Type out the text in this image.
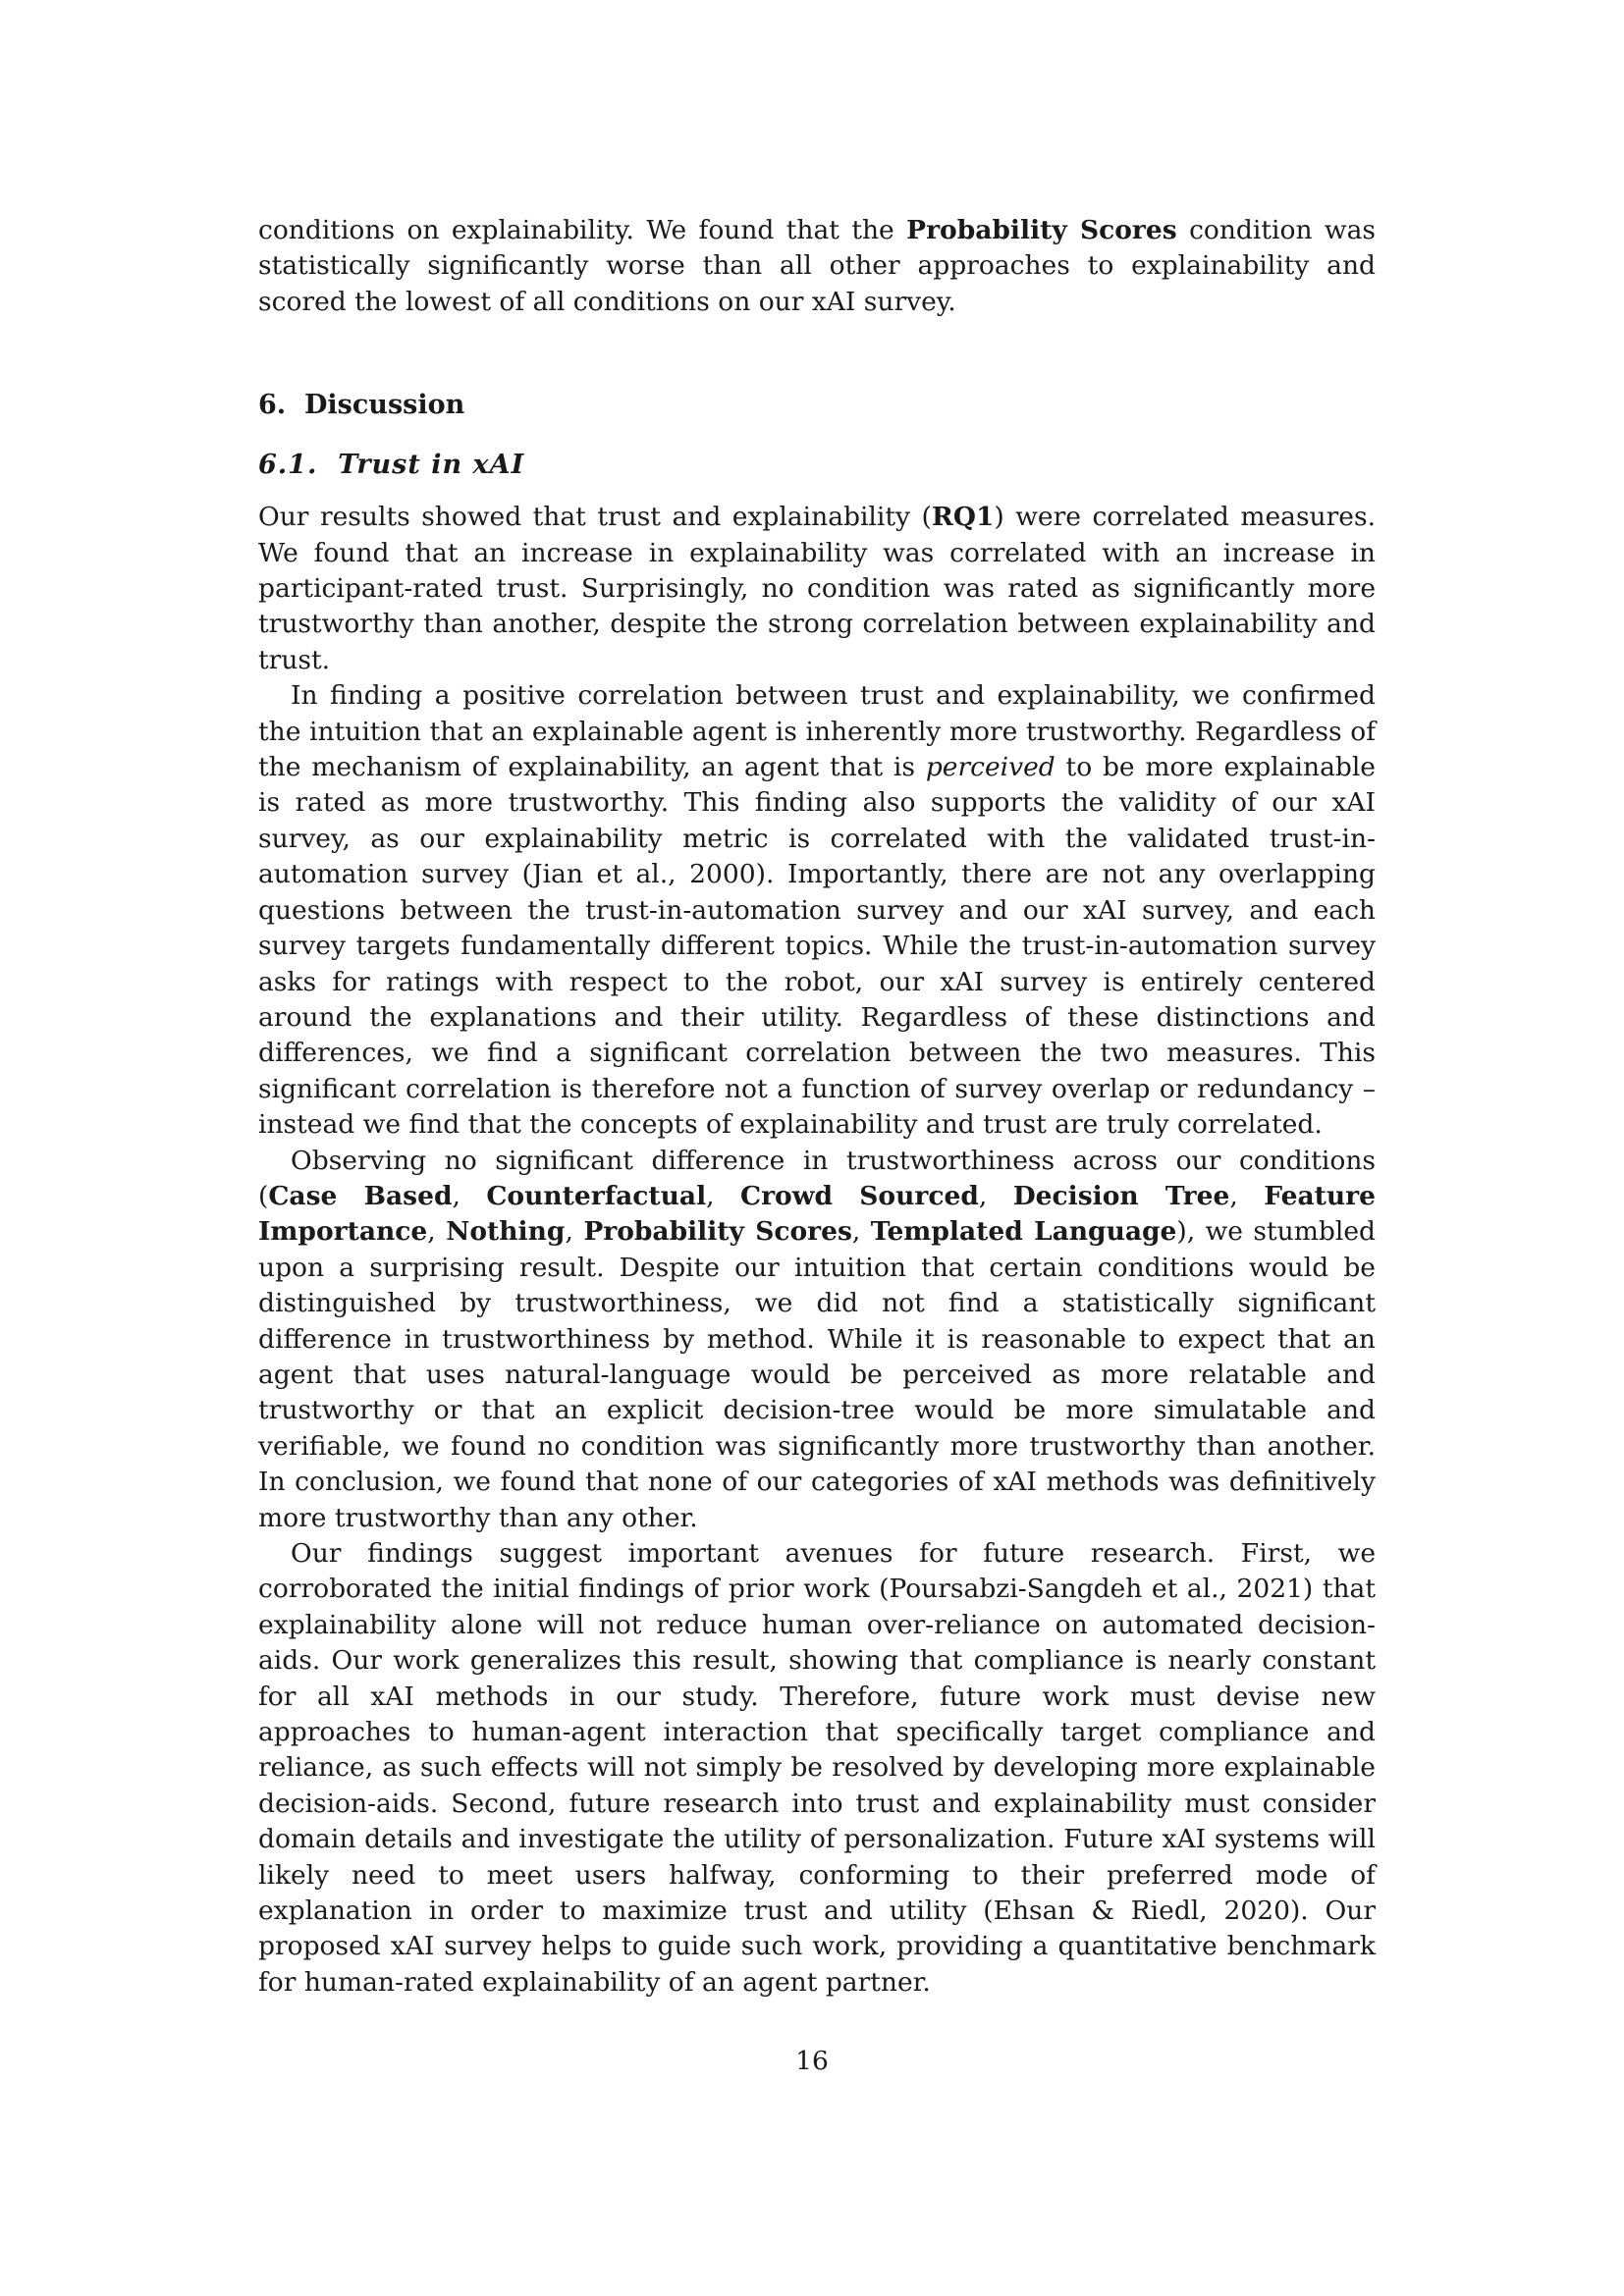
conditions on explainability. We found that the Probability Scores condition was statistically significantly worse than all other approaches to explainability and scored the lowest of all conditions on our xAI survey.

6. Discussion
6.1. Trust in xAI

Our results showed that trust and explainability (RQ1) were correlated measures. We found that an increase in explainability was correlated with an increase in participant-rated trust. Surprisingly, no condition was rated as significantly more trustworthy than another, despite the strong correlation between explainability and trust.

In finding a positive correlation between trust and explainability, we confirmed the intuition that an explainable agent is inherently more trustworthy. Regardless of the mechanism of explainability, an agent that is perceived to be more explainable is rated as more trustworthy. This finding also supports the validity of our xAI survey, as our explainability metric is correlated with the validated trust-in-automation survey (Jian et al., 2000). Importantly, there are not any overlapping questions between the trust-in-automation survey and our xAI survey, and each survey targets fundamentally different topics. While the trust-in-automation survey asks for ratings with respect to the robot, our xAI survey is entirely centered around the explanations and their utility. Regardless of these distinctions and differences, we find a significant correlation between the two measures. This significant correlation is therefore not a function of survey overlap or redundancy – instead we find that the concepts of explainability and trust are truly correlated.

Observing no significant difference in trustworthiness across our conditions (Case Based, Counterfactual, Crowd Sourced, Decision Tree, Feature Importance, Nothing, Probability Scores, Templated Language), we stumbled upon a surprising result. Despite our intuition that certain conditions would be distinguished by trustworthiness, we did not find a statistically significant difference in trustworthiness by method. While it is reasonable to expect that an agent that uses natural-language would be perceived as more relatable and trustworthy or that an explicit decision-tree would be more simulatable and verifiable, we found no condition was significantly more trustworthy than another. In conclusion, we found that none of our categories of xAI methods was definitively more trustworthy than any other.

Our findings suggest important avenues for future research. First, we corroborated the initial findings of prior work (Poursabzi-Sangdeh et al., 2021) that explainability alone will not reduce human over-reliance on automated decision-aids. Our work generalizes this result, showing that compliance is nearly constant for all xAI methods in our study. Therefore, future work must devise new approaches to human-agent interaction that specifically target compliance and reliance, as such effects will not simply be resolved by developing more explainable decision-aids. Second, future research into trust and explainability must consider domain details and investigate the utility of personalization. Future xAI systems will likely need to meet users halfway, conforming to their preferred mode of explanation in order to maximize trust and utility (Ehsan & Riedl, 2020). Our proposed xAI survey helps to guide such work, providing a quantitative benchmark for human-rated explainability of an agent partner.

16
